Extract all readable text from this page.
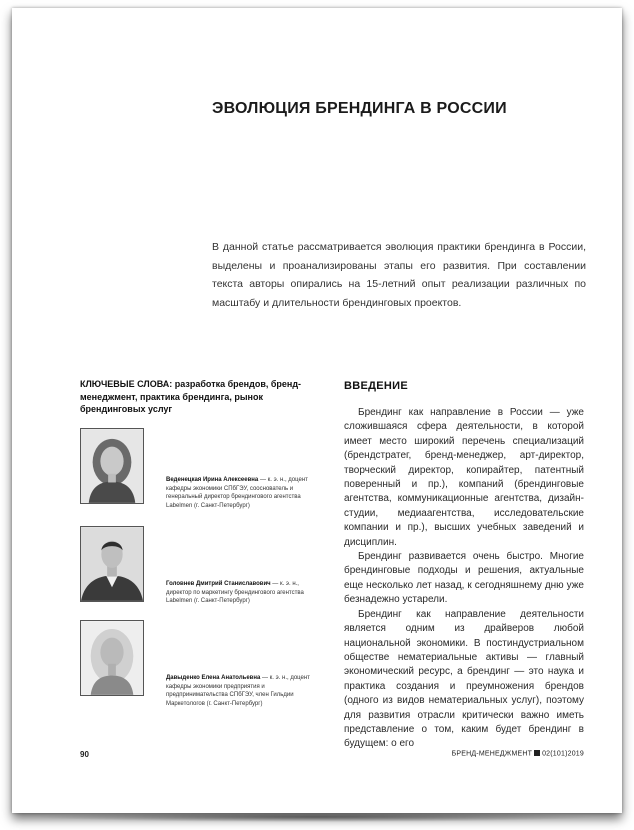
ЭВОЛЮЦИЯ БРЕНДИНГА В РОССИИ

В данной статье рассматривается эволюция практики брендинга в России, выделены и проанализированы этапы его развития. При составлении текста авторы опирались на 15-летний опыт реализации различных по масштабу и длительности брендинговых проектов.

КЛЮЧЕВЫЕ СЛОВА: разработка брендов, бренд-менеджмент, практика брендинга, рынок брендинговых услуг
Веденецкая Ирина Алексеевна — к. э. н., доцент кафедры экономики СПбГЭУ, сооснователь и генеральный директор брендингового агентства Labelmen (г. Санкт-Петербург)
Головнев Дмитрий Станиславович — к. э. н., директор по маркетингу брендингового агентства Labelmen (г. Санкт-Петербург)
Давыденко Елена Анатольевна — к. э. н., доцент кафедры экономики предприятия и предпринимательства СПбГЭУ, член Гильдии Маркетологов (г. Санкт-Петербург)
ВВЕДЕНИЕ

Брендинг как направление в России — уже сложившаяся сфера деятельности, в которой имеет место широкий перечень специализаций (брендстратег, бренд-менеджер, арт-директор, творческий директор, копирайтер, патентный поверенный и пр.), компаний (брендинговые агентства, коммуникационные агентства, дизайн-студии, медиаагентства, исследовательские компании и пр.), высших учебных заведений и дисциплин.

Брендинг развивается очень быстро. Многие брендинговые подходы и решения, актуальные еще несколько лет назад, к сегодняшнему дню уже безнадежно устарели.

Брендинг как направление деятельности является одним из драйверов любой национальной экономики. В постиндустриальном обществе нематериальные активы — главный экономический ресурс, а брендинг — это наука и практика создания и преумножения брендов (одного из видов нематериальных услуг), поэтому для развития отрасли критически важно иметь представление о том, каким будет брендинг в будущем: о его

90	БРЕНД-МЕНЕДЖМЕНТ 02(101)2019
